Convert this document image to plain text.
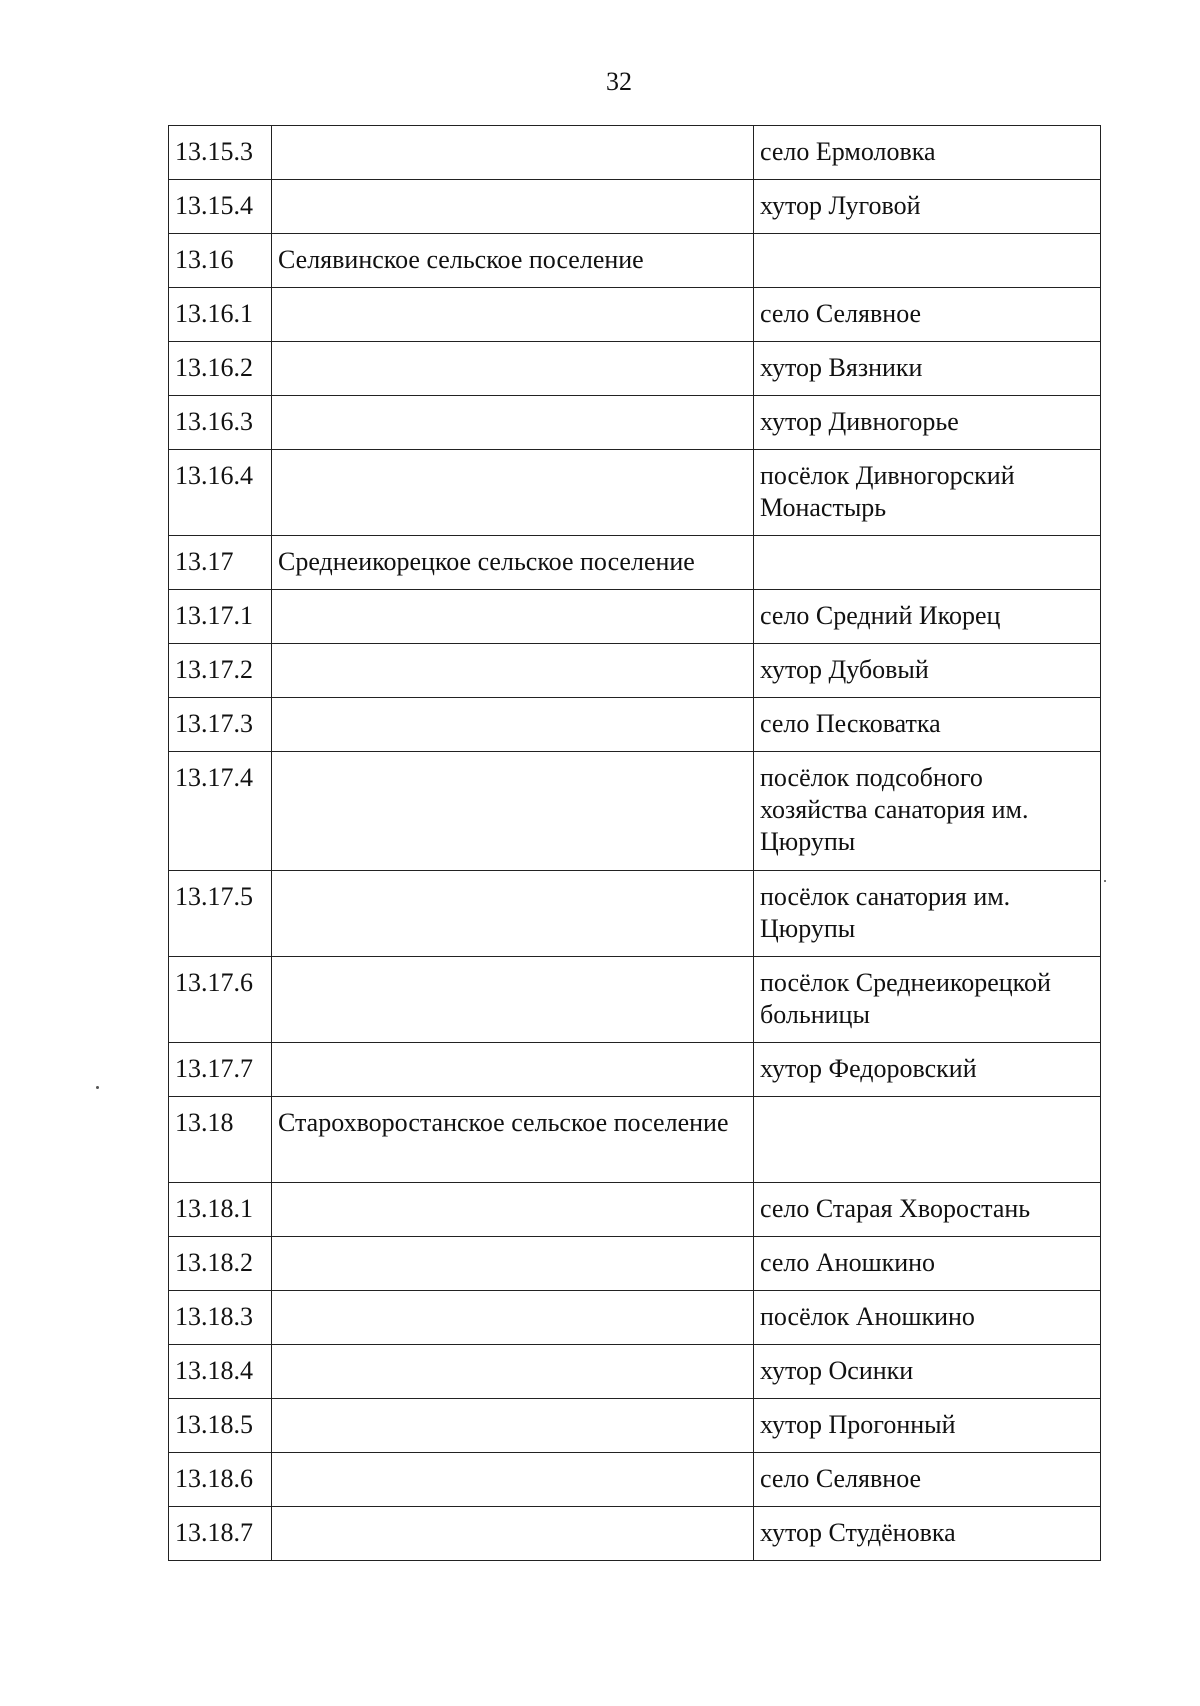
32
13.15.3		село Ермоловка
13.15.4		хутор Луговой
13.16	Селявинское сельское поселение	
13.16.1		село Селявное
13.16.2		хутор Вязники
13.16.3		хутор Дивногорье
13.16.4		посёлок Дивногорский Монастырь
13.17	Среднеикорецкое сельское поселение	
13.17.1		село Средний Икорец
13.17.2		хутор Дубовый
13.17.3		село Песковатка
13.17.4		посёлок подсобного хозяйства санатория им. Цюрупы
13.17.5		посёлок санатория им. Цюрупы
13.17.6		посёлок Среднеикорецкой больницы
13.17.7		хутор Федоровский
13.18	Старохворостанское сельское поселение	
13.18.1		село Старая Хворостань
13.18.2		село Аношкино
13.18.3		посёлок Аношкино
13.18.4		хутор Осинки
13.18.5		хутор Прогонный
13.18.6		село Селявное
13.18.7		хутор Студёновка
